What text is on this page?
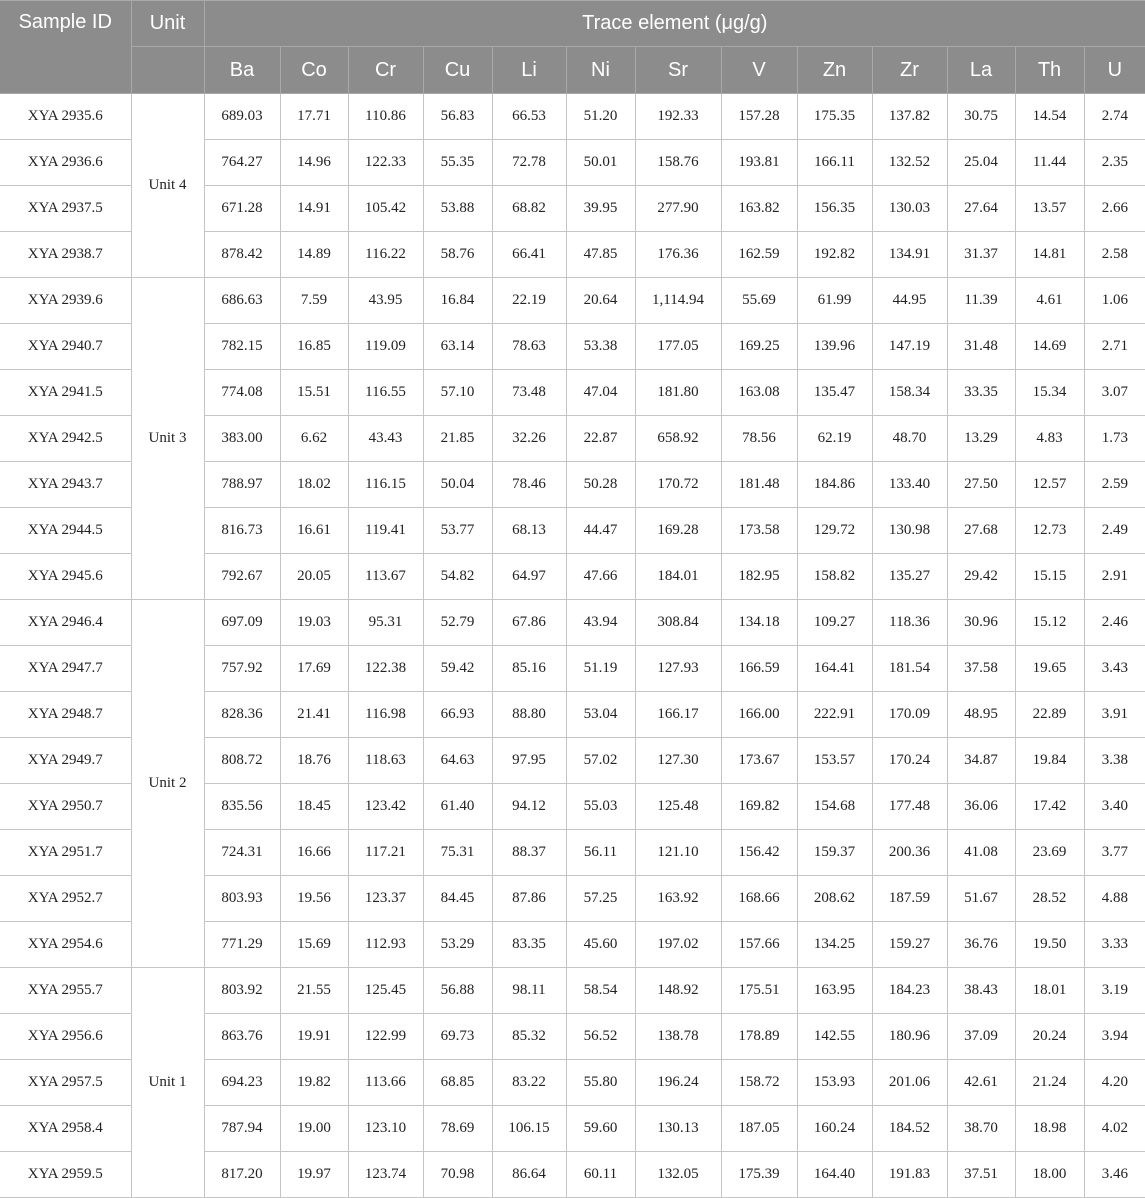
Sample ID	Unit	Trace element (μg/g)												
		Ba	Co	Cr	Cu	Li	Ni	Sr	V	Zn	Zr	La	Th	U
XYA 2935.6	Unit 4	689.03	17.71	110.86	56.83	66.53	51.20	192.33	157.28	175.35	137.82	30.75	14.54	2.74
XYA 2936.6		764.27	14.96	122.33	55.35	72.78	50.01	158.76	193.81	166.11	132.52	25.04	11.44	2.35
XYA 2937.5		671.28	14.91	105.42	53.88	68.82	39.95	277.90	163.82	156.35	130.03	27.64	13.57	2.66
XYA 2938.7		878.42	14.89	116.22	58.76	66.41	47.85	176.36	162.59	192.82	134.91	31.37	14.81	2.58
XYA 2939.6	Unit 3	686.63	7.59	43.95	16.84	22.19	20.64	1,114.94	55.69	61.99	44.95	11.39	4.61	1.06
XYA 2940.7		782.15	16.85	119.09	63.14	78.63	53.38	177.05	169.25	139.96	147.19	31.48	14.69	2.71
XYA 2941.5		774.08	15.51	116.55	57.10	73.48	47.04	181.80	163.08	135.47	158.34	33.35	15.34	3.07
XYA 2942.5		383.00	6.62	43.43	21.85	32.26	22.87	658.92	78.56	62.19	48.70	13.29	4.83	1.73
XYA 2943.7		788.97	18.02	116.15	50.04	78.46	50.28	170.72	181.48	184.86	133.40	27.50	12.57	2.59
XYA 2944.5		816.73	16.61	119.41	53.77	68.13	44.47	169.28	173.58	129.72	130.98	27.68	12.73	2.49
XYA 2945.6		792.67	20.05	113.67	54.82	64.97	47.66	184.01	182.95	158.82	135.27	29.42	15.15	2.91
XYA 2946.4	Unit 2	697.09	19.03	95.31	52.79	67.86	43.94	308.84	134.18	109.27	118.36	30.96	15.12	2.46
XYA 2947.7		757.92	17.69	122.38	59.42	85.16	51.19	127.93	166.59	164.41	181.54	37.58	19.65	3.43
XYA 2948.7		828.36	21.41	116.98	66.93	88.80	53.04	166.17	166.00	222.91	170.09	48.95	22.89	3.91
XYA 2949.7		808.72	18.76	118.63	64.63	97.95	57.02	127.30	173.67	153.57	170.24	34.87	19.84	3.38
XYA 2950.7		835.56	18.45	123.42	61.40	94.12	55.03	125.48	169.82	154.68	177.48	36.06	17.42	3.40
XYA 2951.7		724.31	16.66	117.21	75.31	88.37	56.11	121.10	156.42	159.37	200.36	41.08	23.69	3.77
XYA 2952.7		803.93	19.56	123.37	84.45	87.86	57.25	163.92	168.66	208.62	187.59	51.67	28.52	4.88
XYA 2954.6		771.29	15.69	112.93	53.29	83.35	45.60	197.02	157.66	134.25	159.27	36.76	19.50	3.33
XYA 2955.7	Unit 1	803.92	21.55	125.45	56.88	98.11	58.54	148.92	175.51	163.95	184.23	38.43	18.01	3.19
XYA 2956.6		863.76	19.91	122.99	69.73	85.32	56.52	138.78	178.89	142.55	180.96	37.09	20.24	3.94
XYA 2957.5		694.23	19.82	113.66	68.85	83.22	55.80	196.24	158.72	153.93	201.06	42.61	21.24	4.20
XYA 2958.4		787.94	19.00	123.10	78.69	106.15	59.60	130.13	187.05	160.24	184.52	38.70	18.98	4.02
XYA 2959.5		817.20	19.97	123.74	70.98	86.64	60.11	132.05	175.39	164.40	191.83	37.51	18.00	3.46
